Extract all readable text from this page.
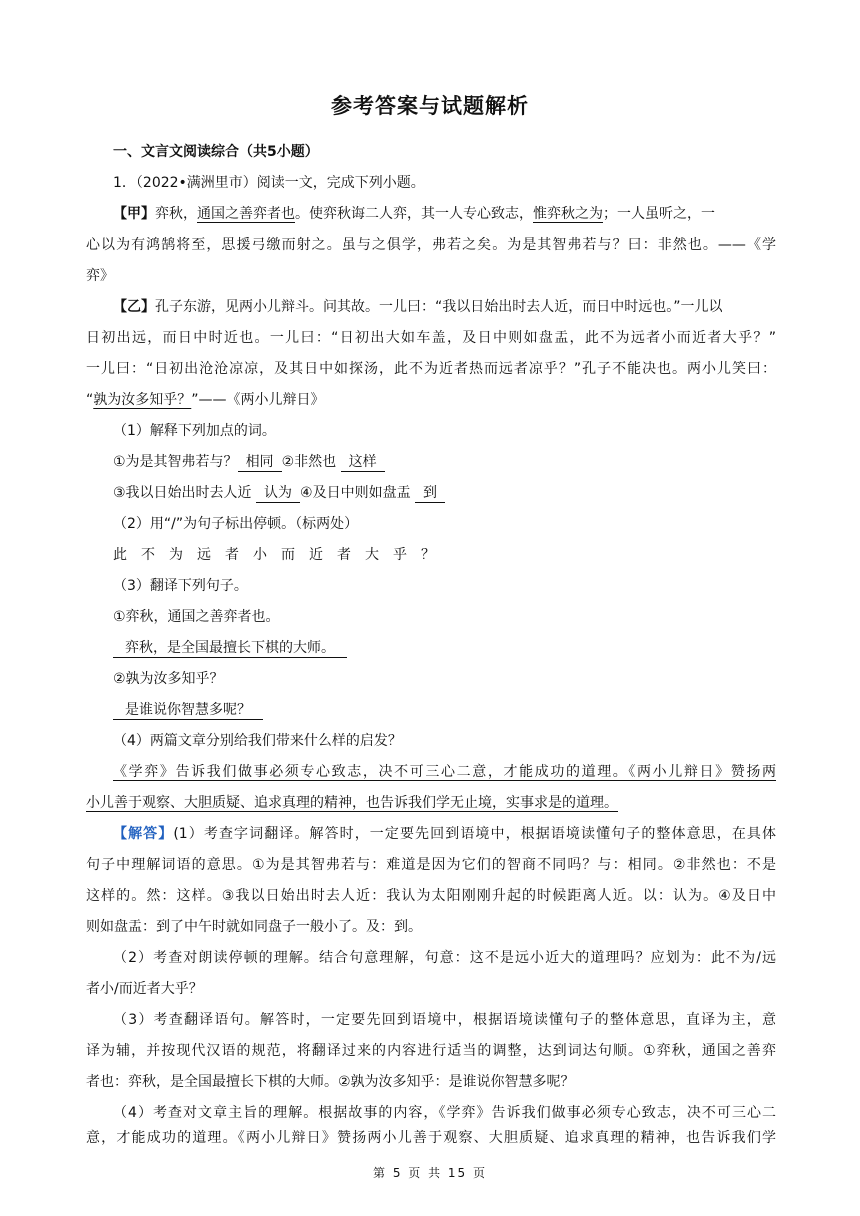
参考答案与试题解析
一、文言文阅读综合（共5小题）
1．（2022•满洲里市）阅读一文，完成下列小题。
【甲】弈秋，通国之善弈者也。使弈秋诲二人弈，其一人专心致志，惟弈秋之为；一人虽听之，一
心以为有鸿鹄将至，思援弓缴而射之。虽与之俱学，弗若之矣。为是其智弗若与？曰：非然也。——《学
弈》
【乙】孔子东游，见两小儿辩斗。问其故。一儿曰：“我以日始出时去人近，而日中时远也。”一儿以
日初出远，而日中时近也。一儿曰：“日初出大如车盖，及日中则如盘盂，此不为远者小而近者大乎？”
一儿曰：“日初出沧沧凉凉，及其日中如探汤，此不为近者热而远者凉乎？”孔子不能决也。两小儿笑曰：
“孰为汝多知乎？”——《两小儿辩日》
（1）解释下列加点的词。
①为是其智弗若与？ 相同 ②非然也 这样
③我以日始出时去人近 认为 ④及日中则如盘盂 到
（2）用“/”为句子标出停顿。（标两处）
此不为远者小而近者大乎？
（3）翻译下列句子。
①弈秋，通国之善弈者也。
弈秋，是全国最擅长下棋的大师。
②孰为汝多知乎？
是谁说你智慧多呢？
（4）两篇文章分别给我们带来什么样的启发？
《学弈》告诉我们做事必须专心致志，决不可三心二意，才能成功的道理。《两小儿辩日》赞扬两
小儿善于观察、大胆质疑、追求真理的精神，也告诉我们学无止境，实事求是的道理。
【解答】(1）考查字词翻译。解答时，一定要先回到语境中，根据语境读懂句子的整体意思，在具体
句子中理解词语的意思。①为是其智弗若与：难道是因为它们的智商不同吗？与：相同。②非然也：不是
这样的。然：这样。③我以日始出时去人近：我认为太阳刚刚升起的时候距离人近。以：认为。④及日中
则如盘盂：到了中午时就如同盘子一般小了。及：到。
（2）考查对朗读停顿的理解。结合句意理解，句意：这不是远小近大的道理吗？应划为：此不为/远
者小/而近者大乎？
（3）考查翻译语句。解答时，一定要先回到语境中，根据语境读懂句子的整体意思，直译为主，意
译为辅，并按现代汉语的规范，将翻译过来的内容进行适当的调整，达到词达句顺。①弈秋，通国之善弈
者也：弈秋，是全国最擅长下棋的大师。②孰为汝多知乎：是谁说你智慧多呢？
（4）考查对文章主旨的理解。根据故事的内容，《学弈》告诉我们做事必须专心致志，决不可三心二
意，才能成功的道理。《两小儿辩日》赞扬两小儿善于观察、大胆质疑、追求真理的精神，也告诉我们学
第 5 页 共 15 页
